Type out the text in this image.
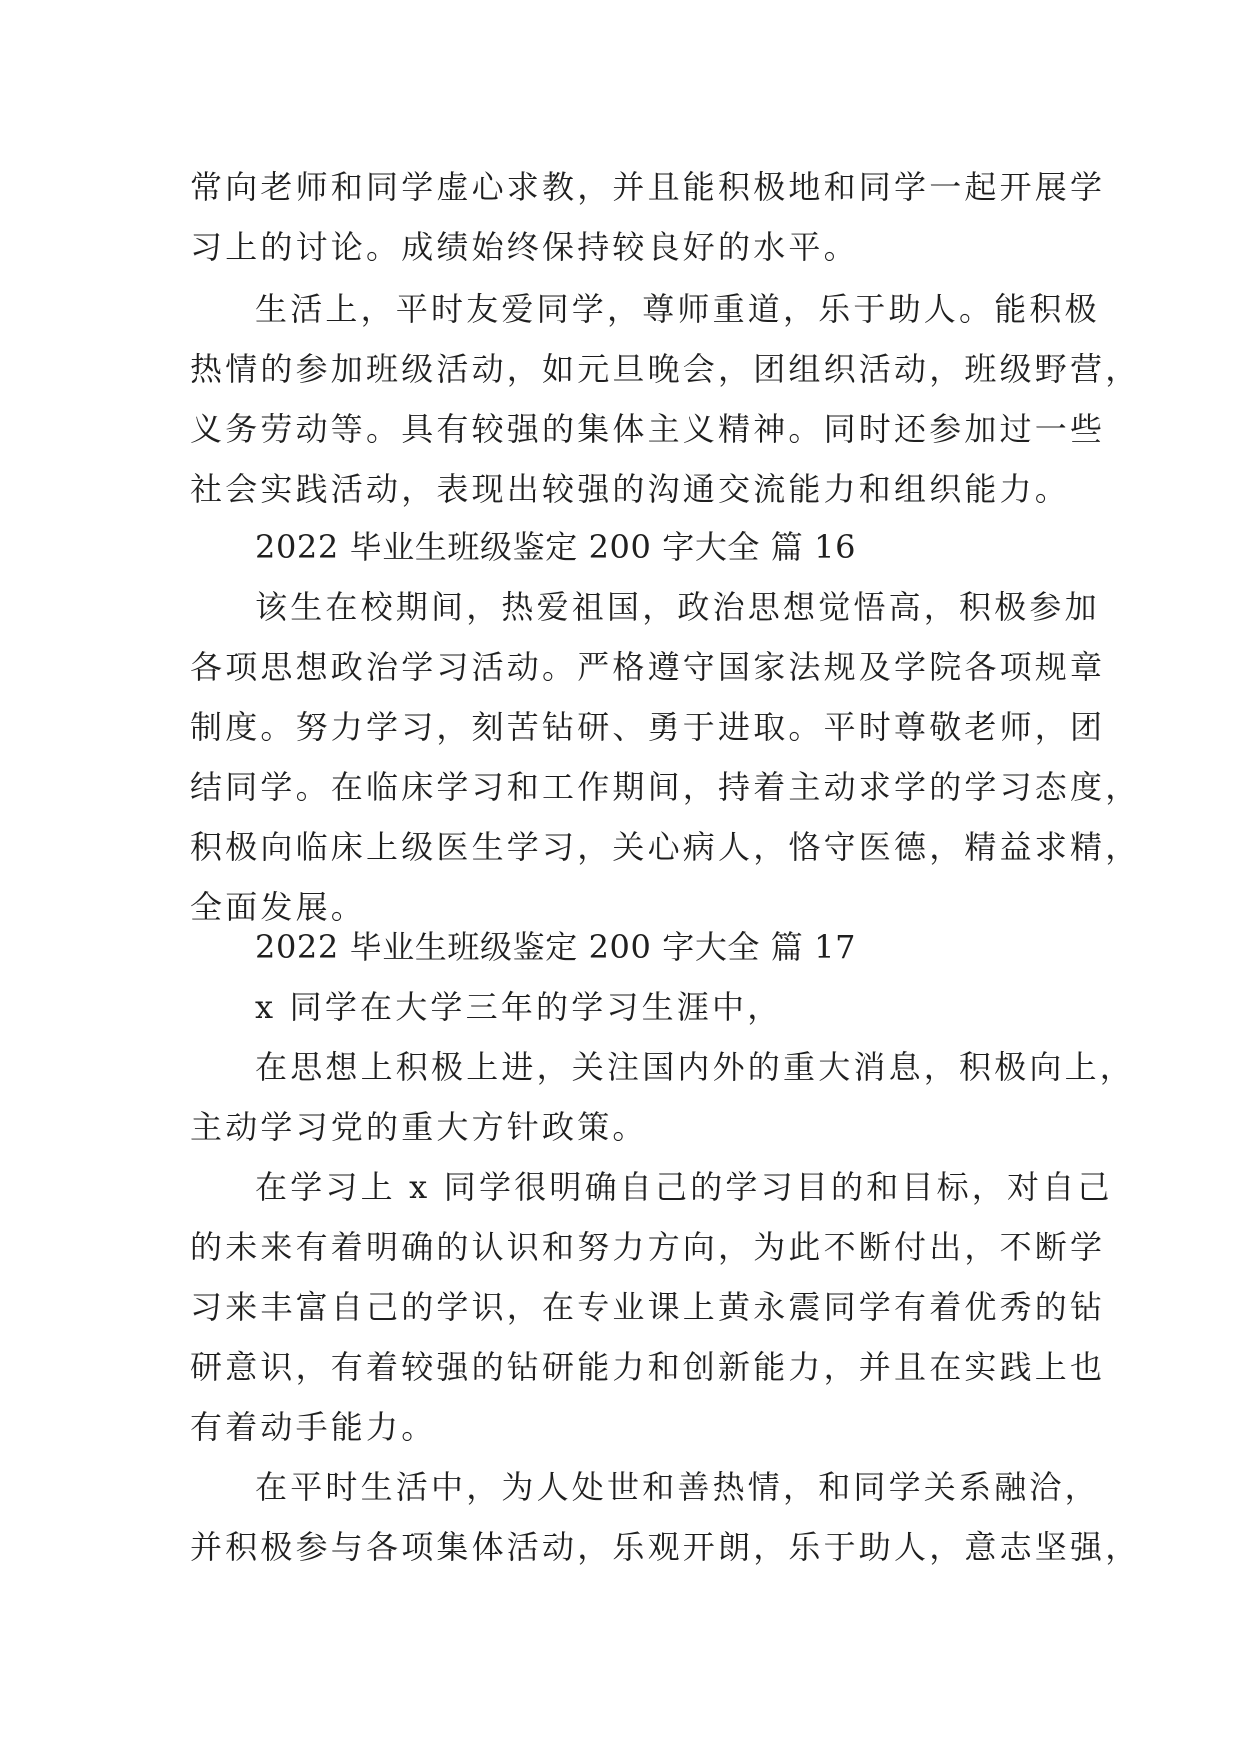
常向老师和同学虚心求教，并且能积极地和同学一起开展学
习上的讨论。成绩始终保持较良好的水平。
生活上，平时友爱同学，尊师重道，乐于助人。能积极
热情的参加班级活动，如元旦晚会，团组织活动，班级野营，
义务劳动等。具有较强的集体主义精神。同时还参加过一些
社会实践活动，表现出较强的沟通交流能力和组织能力。
2022 毕业生班级鉴定 200 字大全 篇 16
该生在校期间，热爱祖国，政治思想觉悟高，积极参加
各项思想政治学习活动。严格遵守国家法规及学院各项规章
制度。努力学习，刻苦钻研、勇于进取。平时尊敬老师，团
结同学。在临床学习和工作期间，持着主动求学的学习态度，
积极向临床上级医生学习，关心病人，恪守医德，精益求精，
全面发展。
2022 毕业生班级鉴定 200 字大全 篇 17
x 同学在大学三年的学习生涯中，
在思想上积极上进，关注国内外的重大消息，积极向上，
主动学习党的重大方针政策。
在学习上 x 同学很明确自己的学习目的和目标，对自己
的未来有着明确的认识和努力方向，为此不断付出，不断学
习来丰富自己的学识，在专业课上黄永震同学有着优秀的钻
研意识，有着较强的钻研能力和创新能力，并且在实践上也
有着动手能力。
在平时生活中，为人处世和善热情，和同学关系融洽，
并积极参与各项集体活动，乐观开朗，乐于助人，意志坚强，
